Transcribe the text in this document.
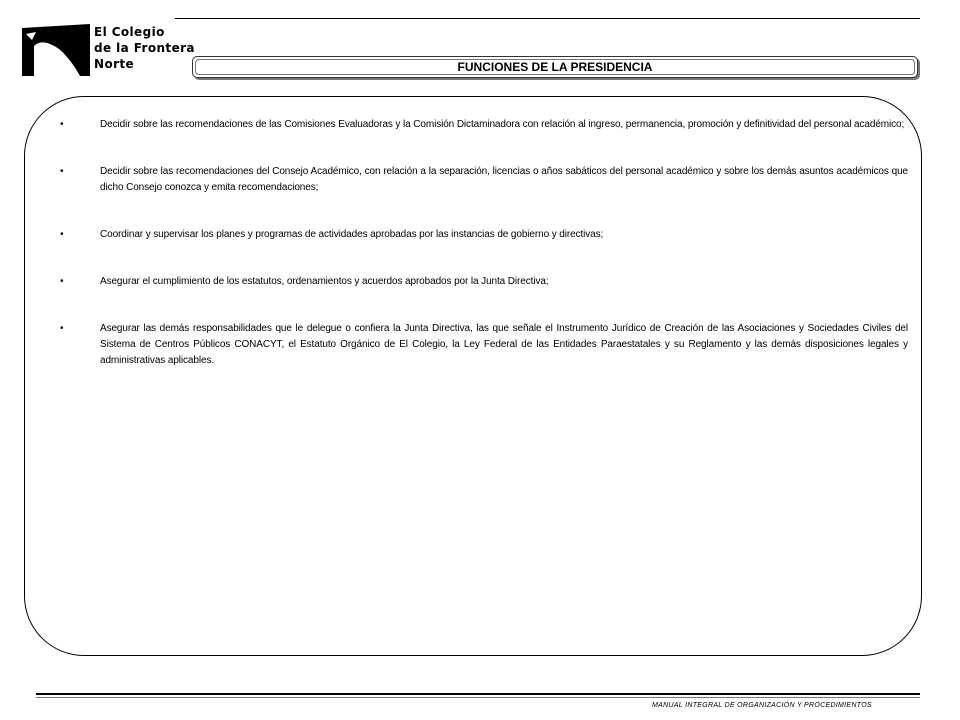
El Colegio
de la Frontera
Norte	FUNCIONES DE LA PRESIDENCIA
•	Decidir sobre las recomendaciones de las Comisiones Evaluadoras y la Comisión Dictaminadora con relación al ingreso, permanencia, promoción y definitividad del personal académico;
•	Decidir sobre las recomendaciones del Consejo Académico, con relación a la separación, licencias o años sabáticos del personal académico y sobre los demás asuntos académicos que dicho Consejo conozca y emita recomendaciones;
•	Coordinar y supervisar los planes y programas de actividades aprobadas por las instancias de gobierno y directivas;
•	Asegurar el cumplimiento de los estatutos, ordenamientos y acuerdos aprobados por la Junta Directiva;
•	Asegurar las demás responsabilidades que le delegue o confiera la Junta Directiva, las que señale el Instrumento Jurídico de Creación de las Asociaciones y Sociedades Civiles del Sistema de Centros Públicos CONACYT, el Estatuto Orgánico de El Colegio, la Ley Federal de las Entidades Paraestatales y su Reglamento y las demás disposiciones legales y administrativas aplicables.
MANUAL INTEGRAL DE ORGANIZACIÓN Y PROCEDIMIENTOS
